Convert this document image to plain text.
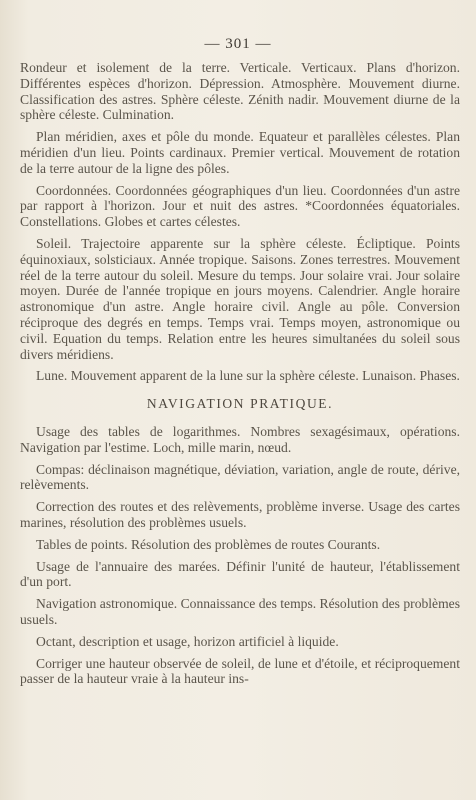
— 301 —

Rondeur et isolement de la terre. Verticale. Verticaux. Plans d'horizon. Différentes espèces d'horizon. Dépression. Atmosphère. Mouvement diurne. Classification des astres. Sphère céleste. Zénith nadir. Mouvement diurne de la sphère céleste. Culmination.

Plan méridien, axes et pôle du monde. Equateur et parallèles célestes. Plan méridien d'un lieu. Points cardinaux. Premier vertical. Mouvement de rotation de la terre autour de la ligne des pôles.

Coordonnées. Coordonnées géographiques d'un lieu. Coordonnées d'un astre par rapport à l'horizon. Jour et nuit des astres. *Coordonnées équatoriales. Constellations. Globes et cartes célestes.

Soleil. Trajectoire apparente sur la sphère céleste. Écliptique. Points équinoxiaux, solsticiaux. Année tropique. Saisons. Zones terrestres. Mouvement réel de la terre autour du soleil. Mesure du temps. Jour solaire vrai. Jour solaire moyen. Durée de l'année tropique en jours moyens. Calendrier. Angle horaire astronomique d'un astre. Angle horaire civil. Angle au pôle. Conversion réciproque des degrés en temps. Temps vrai. Temps moyen, astronomique ou civil. Equation du temps. Relation entre les heures simultanées du soleil sous divers méridiens.

Lune. Mouvement apparent de la lune sur la sphère céleste. Lunaison. Phases.

NAVIGATION PRATIQUE.

Usage des tables de logarithmes. Nombres sexagésimaux, opérations. Navigation par l'estime. Loch, mille marin, nœud.

Compas: déclinaison magnétique, déviation, variation, angle de route, dérive, relèvements.

Correction des routes et des relèvements, problème inverse. Usage des cartes marines, résolution des problèmes usuels.

Tables de points. Résolution des problèmes de routes Courants.

Usage de l'annuaire des marées. Définir l'unité de hauteur, l'établissement d'un port.

Navigation astronomique. Connaissance des temps. Résolution des problèmes usuels.

Octant, description et usage, horizon artificiel à liquide.

Corriger une hauteur observée de soleil, de lune et d'étoile, et réciproquement passer de la hauteur vraie à la hauteur ins-
